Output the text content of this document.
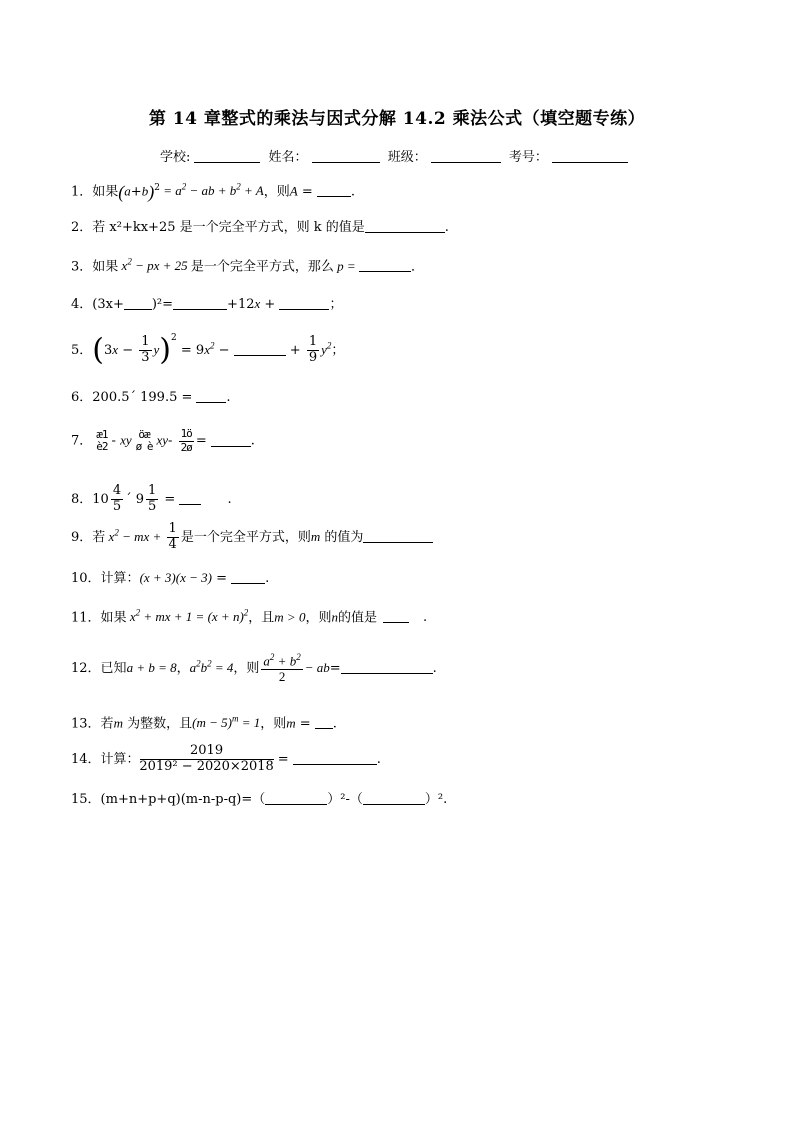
第 14 章整式的乘法与因式分解 14.2 乘法公式（填空题专练）
学校:	姓名：	班级：	考号：
1．如果$(a+b)^2 = a^2$ − ab + $b^2 + A$，则A =	.
2．若 x²+kx+25 是一个完全平方式，则 k 的值是	.
3．如果 $x^2$ − px + 25 是一个完全平方式，那么 p =	．
4．(3x+ )²=	+12x +	；
5．$(3x - \frac{1}{3} y)^2 = 9x^2$ −	+ $\frac{1}{9} y^2$；
6．200.5´ 199.5 =	.
7． æ1
è2 - xy öæ
ø è $xy- \frac{1ö}{2ø}$ =	.
8．$10 \frac{4}{5}$ ´ $9 \frac{1}{5}$ =	.
9．若 $x^2$ − mx + $\frac{1}{4}$ 是一个完全平方式，则m 的值为
10．计算：(x + 3)(x − 3) =	.
11．如果 $x^2$ + mx + $1 = (x + n)^2$，且m > 0，则n的值是	.
12．已知a + b = 8，$a^2b^2 = 4$，则 $\frac{a^2 + b^2}{2} - ab=$	.
13．若m 为整数，且$(m - 5)^m = 1$，则m = .
14．计算： $\frac{2019}{\text{2019² − 2020×2018}}$ =	.
15．(m+n+p+q)(m-n-p-q)=（	）²-（	）².
